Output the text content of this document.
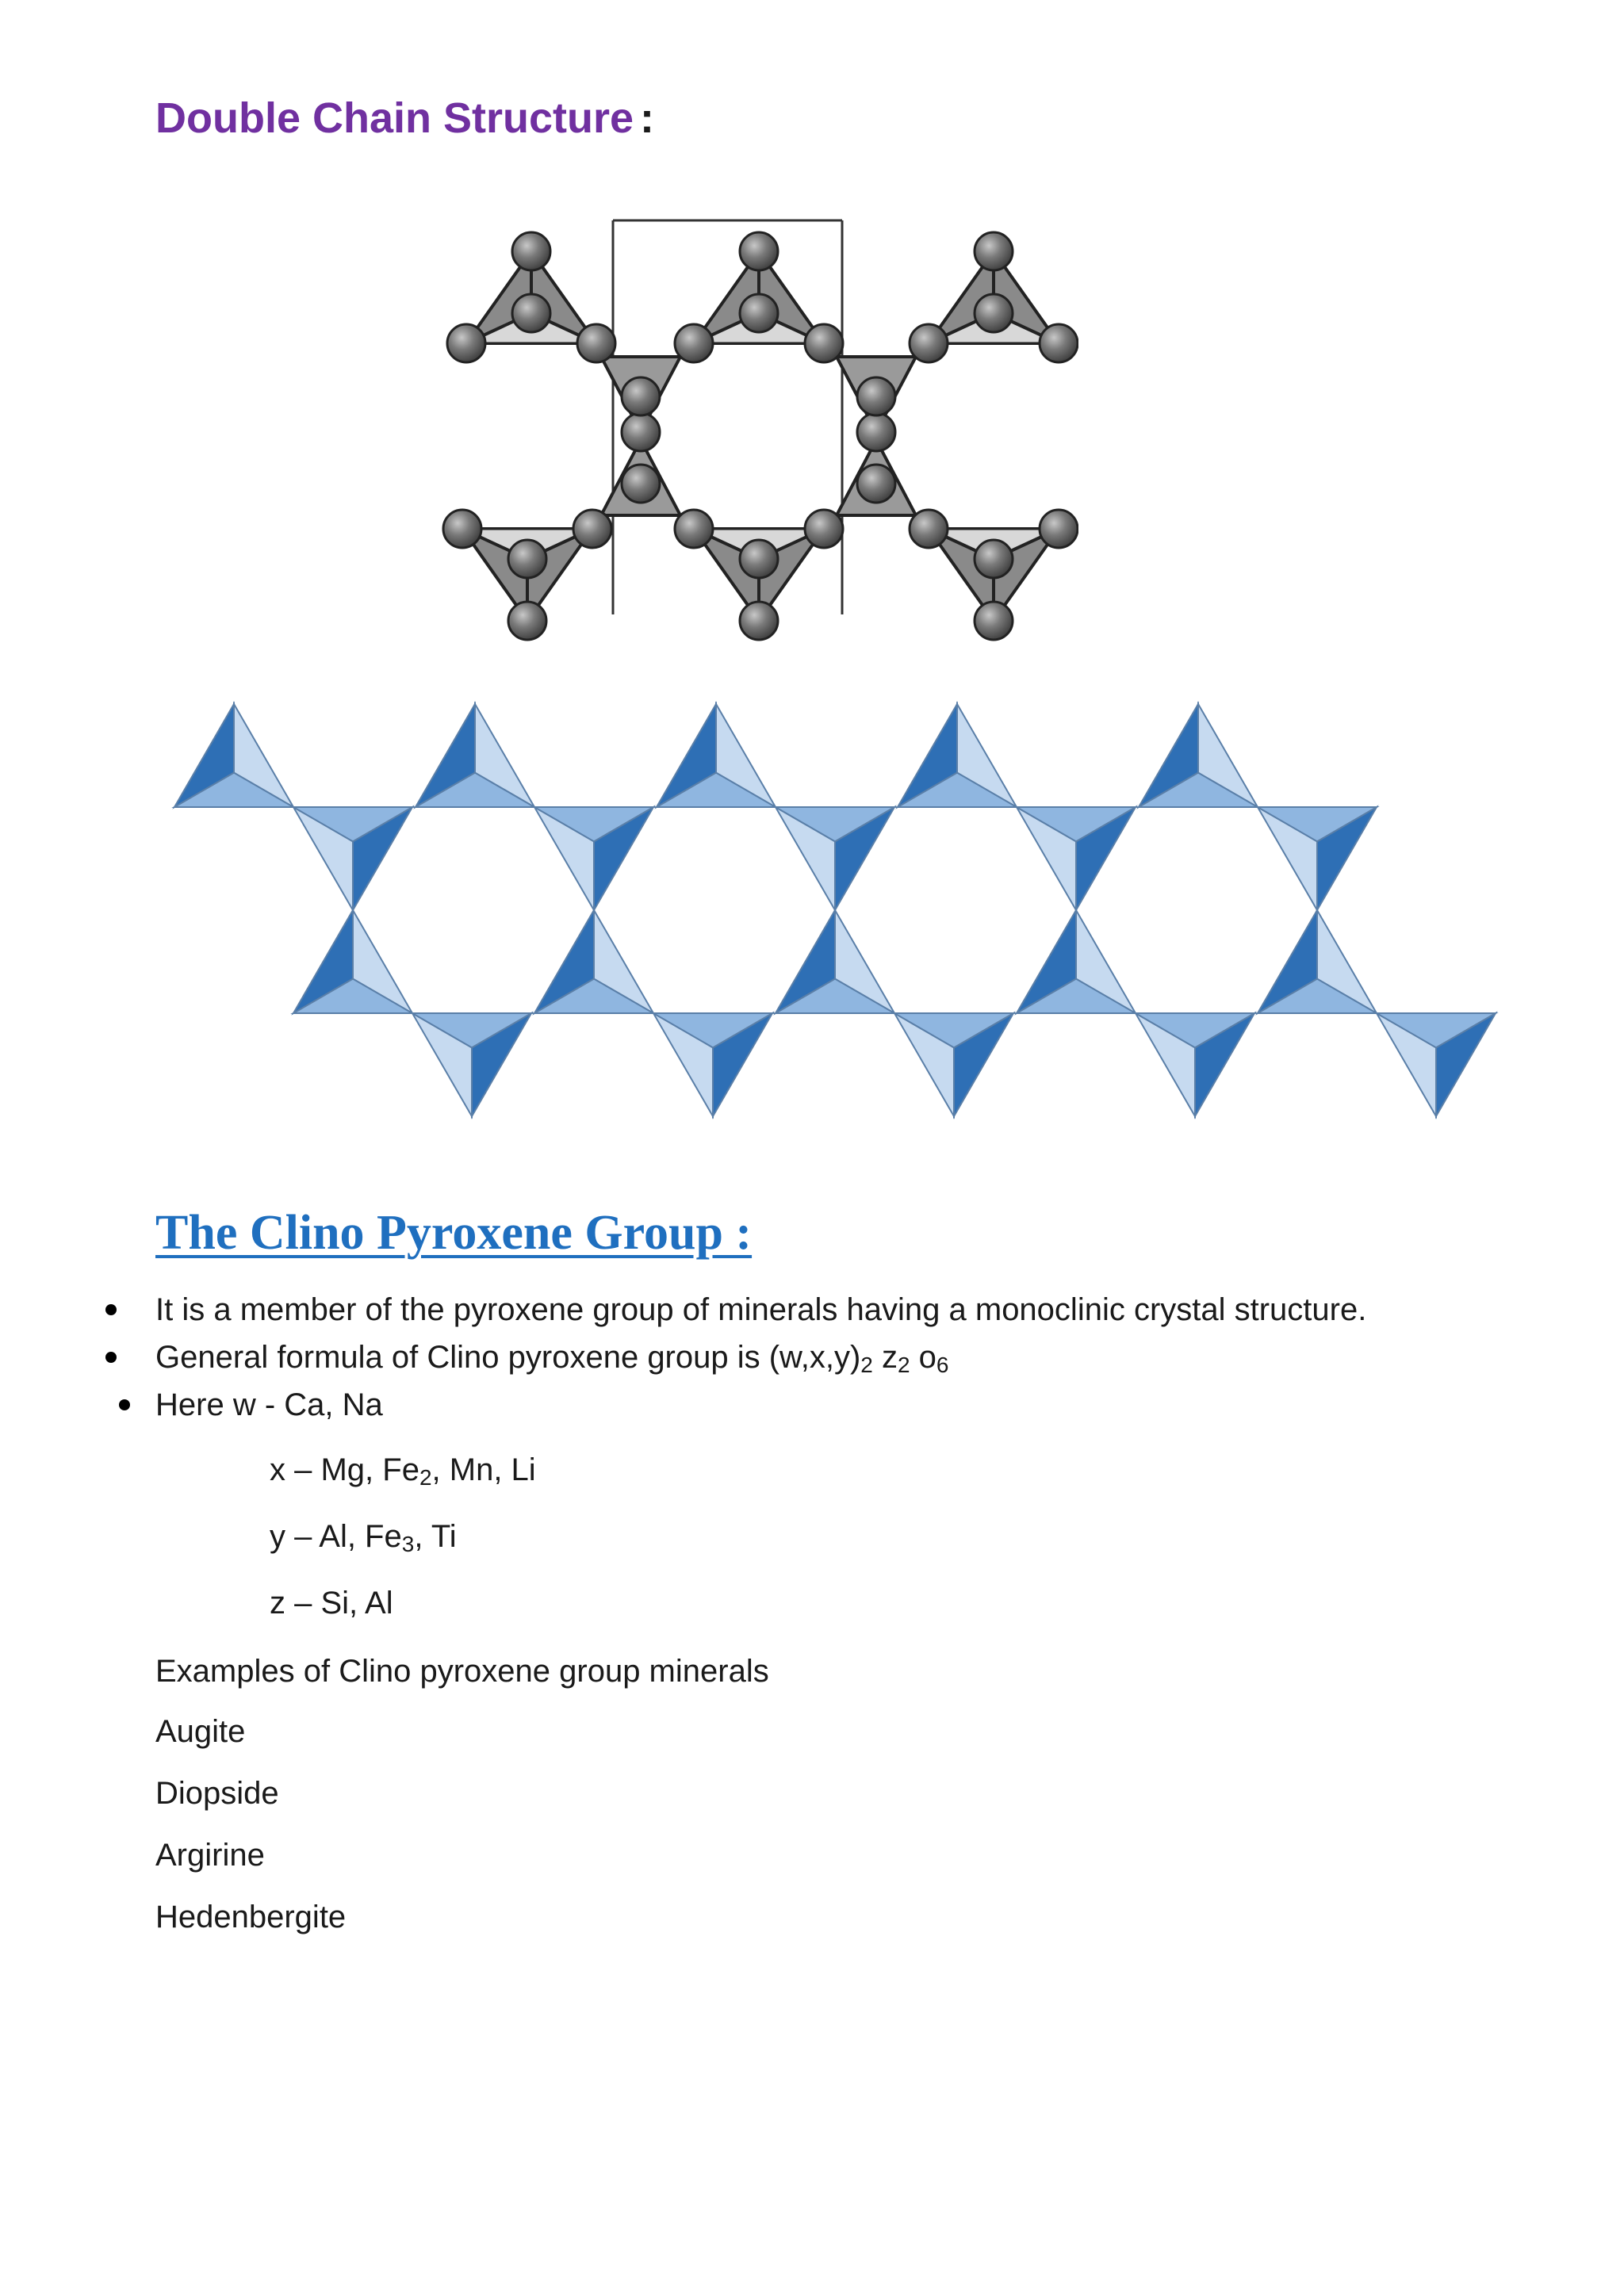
Double Chain Structure :
The Clino Pyroxene Group :
It is a member of the pyroxene group of minerals having a monoclinic crystal structure.
General formula of Clino pyroxene group is $(w,x,y)_2$ $z_2$ $o_6$
Here w - Ca, Na
x – Mg, $Fe_2$, Mn, Li
y – Al, $Fe_3$, Ti
z – Si, Al
Examples of Clino pyroxene group minerals
Augite
Diopside
Argirine
Hedenbergite
